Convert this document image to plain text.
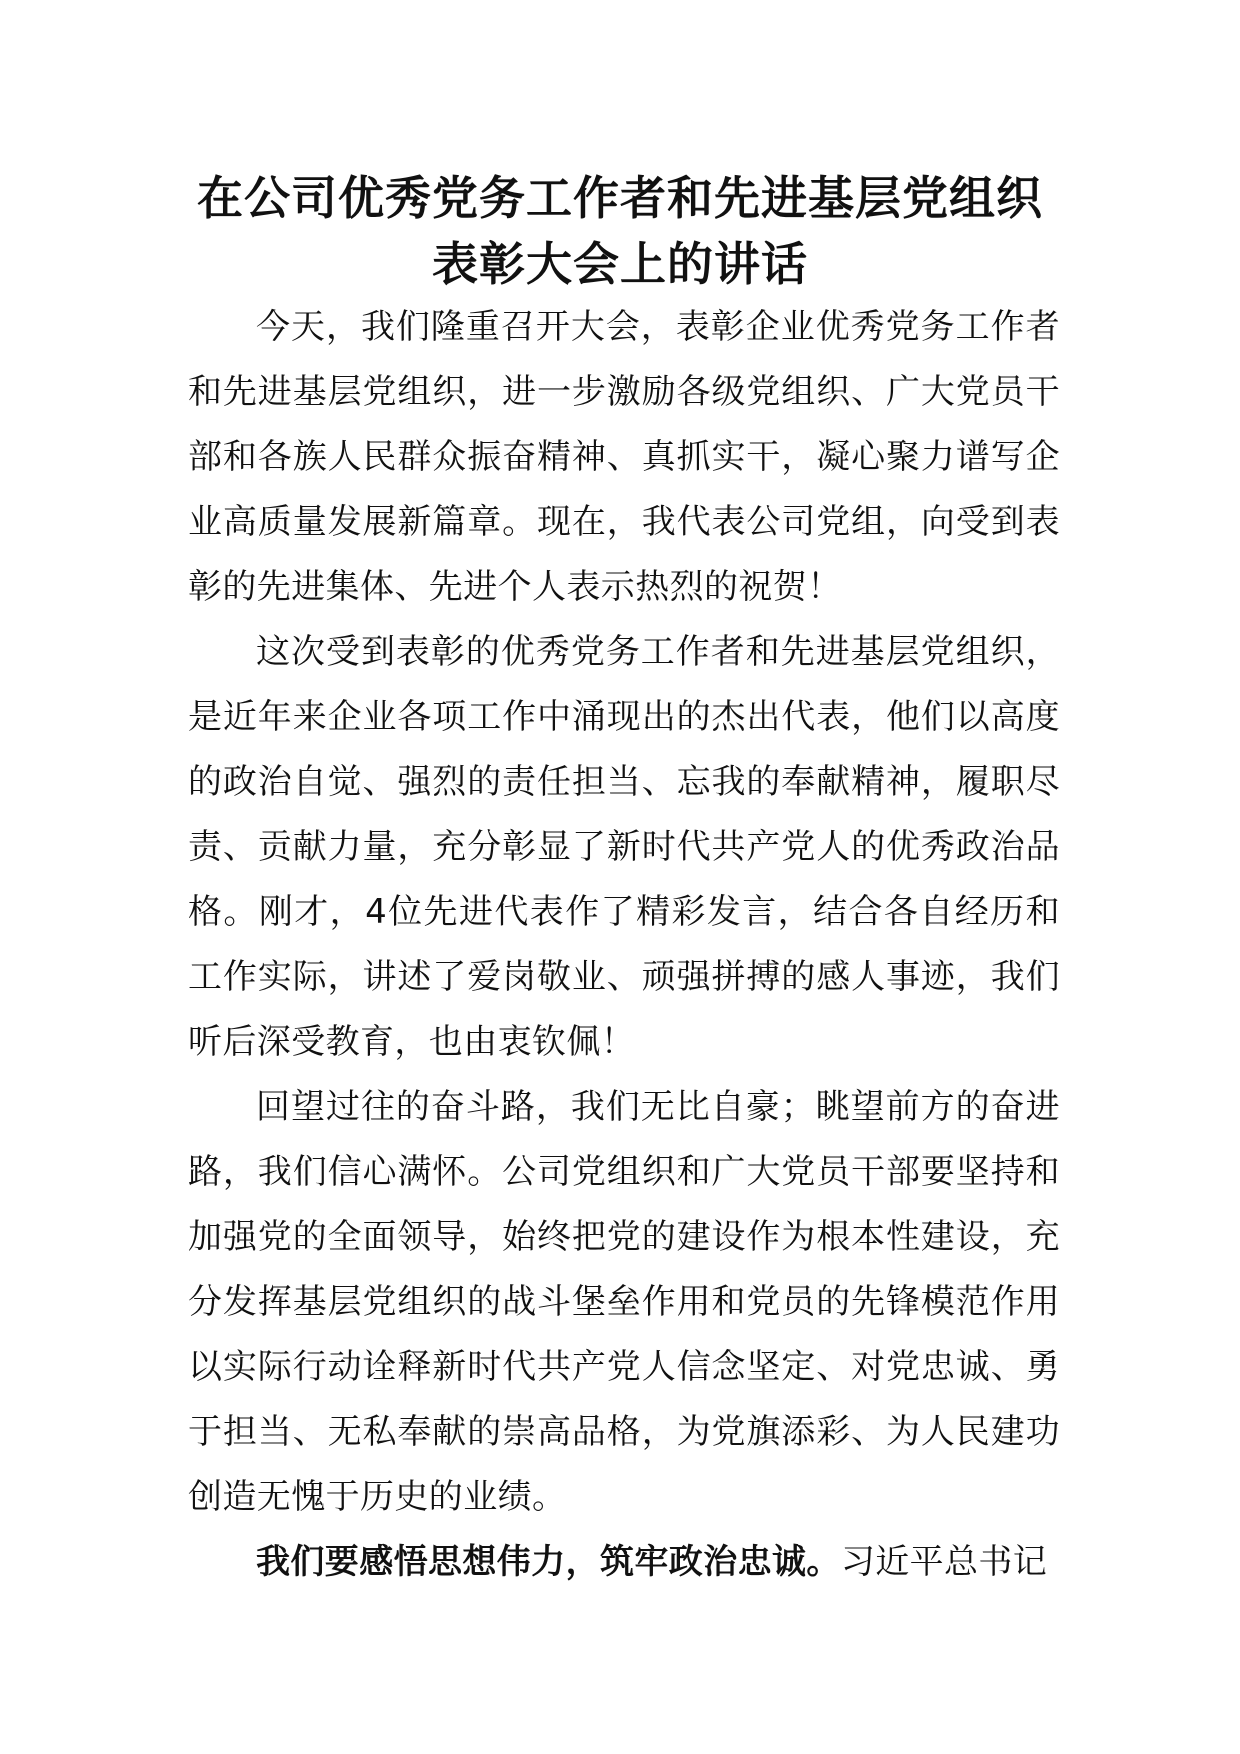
在公司优秀党务工作者和先进基层党组织
表彰大会上的讲话

今天，我们隆重召开大会，表彰企业优秀党务工作者和先进基层党组织，进一步激励各级党组织、广大党员干部和各族人民群众振奋精神、真抓实干，凝心聚力谱写企业高质量发展新篇章。现在，我代表公司党组，向受到表彰的先进集体、先进个人表示热烈的祝贺！

这次受到表彰的优秀党务工作者和先进基层党组织，是近年来企业各项工作中涌现出的杰出代表，他们以高度的政治自觉、强烈的责任担当、忘我的奉献精神，履职尽责、贡献力量，充分彰显了新时代共产党人的优秀政治品格。刚才，4位先进代表作了精彩发言，结合各自经历和工作实际，讲述了爱岗敬业、顽强拼搏的感人事迹，我们听后深受教育，也由衷钦佩！

回望过往的奋斗路，我们无比自豪；眺望前方的奋进路，我们信心满怀。公司党组织和广大党员干部要坚持和加强党的全面领导，始终把党的建设作为根本性建设，充分发挥基层党组织的战斗堡垒作用和党员的先锋模范作用以实际行动诠释新时代共产党人信念坚定、对党忠诚、勇于担当、无私奉献的崇高品格，为党旗添彩、为人民建功创造无愧于历史的业绩。

我们要感悟思想伟力，筑牢政治忠诚。习近平总书记
